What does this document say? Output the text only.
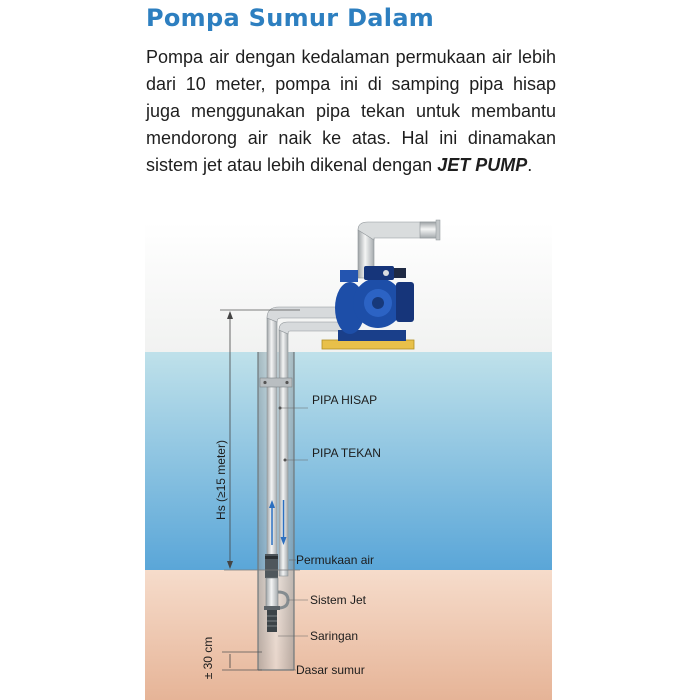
Pompa Sumur Dalam

Pompa air dengan kedalaman permukaan air lebih dari 10 meter, pompa ini di samping pipa hisap juga menggunakan pipa tekan untuk membantu mendorong air naik ke atas. Hal ini dinamakan sistem jet atau lebih dikenal dengan JET PUMP.

Hs (≥15 meter)
± 30 cm
PIPA HISAP
PIPA TEKAN
Permukaan air
Sistem Jet
Saringan
Dasar sumur
